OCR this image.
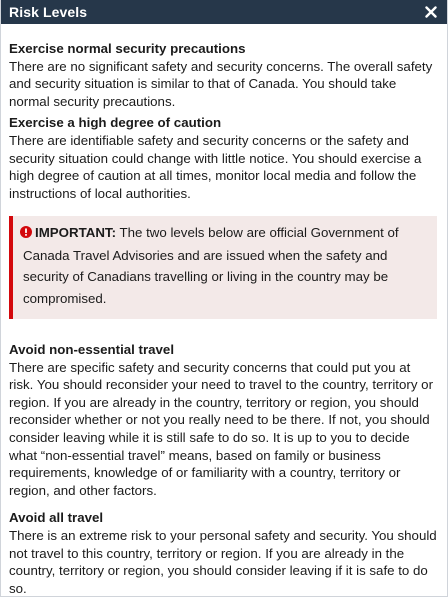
Risk Levels
Exercise normal security precautions

There are no significant safety and security concerns. The overall safety and security situation is similar to that of Canada. You should take normal security precautions.

Exercise a high degree of caution

There are identifiable safety and security concerns or the safety and security situation could change with little notice. You should exercise a high degree of caution at all times, monitor local media and follow the instructions of local authorities.

IMPORTANT: The two levels below are official Government of Canada Travel Advisories and are issued when the safety and security of Canadians travelling or living in the country may be compromised.
Avoid non-essential travel

There are specific safety and security concerns that could put you at risk. You should reconsider your need to travel to the country, territory or region. If you are already in the country, territory or region, you should reconsider whether or not you really need to be there. If not, you should consider leaving while it is still safe to do so. It is up to you to decide what “non-essential travel” means, based on family or business requirements, knowledge of or familiarity with a country, territory or region, and other factors.

Avoid all travel

There is an extreme risk to your personal safety and security. You should not travel to this country, territory or region. If you are already in the country, territory or region, you should consider leaving if it is safe to do so.
